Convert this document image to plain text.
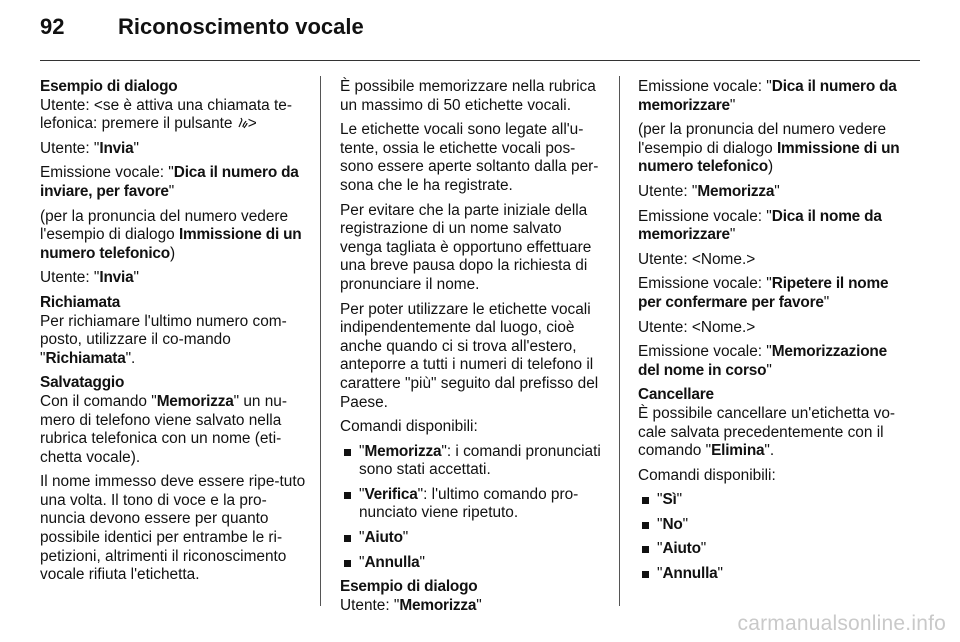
92	Riconoscimento vocale

Esempio di dialogo

Utente: <se è attiva una chiamata te-lefonica: premere il pulsante >

Utente: "Invia"

Emissione vocale: "Dica il numero da inviare, per favore"

(per la pronuncia del numero vedere l'esempio di dialogo Immissione di un numero telefonico)

Utente: "Invia"

Richiamata

Per richiamare l'ultimo numero com-posto, utilizzare il co-mando "Richiamata".

Salvataggio

Con il comando "Memorizza" un nu-mero di telefono viene salvato nella rubrica telefonica con un nome (eti-chetta vocale).

Il nome immesso deve essere ripe-tuto una volta. Il tono di voce e la pro-nuncia devono essere per quanto possibile identici per entrambe le ri-petizioni, altrimenti il riconoscimento vocale rifiuta l'etichetta.

È possibile memorizzare nella rubrica un massimo di 50 etichette vocali.

Le etichette vocali sono legate all'u-tente, ossia le etichette vocali pos-sono essere aperte soltanto dalla per-sona che le ha registrate.

Per evitare che la parte iniziale della registrazione di un nome salvato venga tagliata è opportuno effettuare una breve pausa dopo la richiesta di pronunciare il nome.

Per poter utilizzare le etichette vocali indipendentemente dal luogo, cioè anche quando ci si trova all'estero, anteporre a tutti i numeri di telefono il carattere "più" seguito dal prefisso del Paese.

Comandi disponibili:

"Memorizza": i comandi pronunciati sono stati accettati.
"Verifica": l'ultimo comando pro-nunciato viene ripetuto.
"Aiuto"
"Annulla"

Esempio di dialogo

Utente: "Memorizza"

Emissione vocale: "Dica il numero da memorizzare"

(per la pronuncia del numero vedere l'esempio di dialogo Immissione di un numero telefonico)

Utente: "Memorizza"

Emissione vocale: "Dica il nome da memorizzare"

Utente: <Nome.>

Emissione vocale: "Ripetere il nome per confermare per favore"

Utente: <Nome.>

Emissione vocale: "Memorizzazione del nome in corso"

Cancellare

È possibile cancellare un'etichetta vo-cale salvata precedentemente con il comando "Elimina".

Comandi disponibili:

"Sì"
"No"
"Aiuto"
"Annulla"
carmanualsonline.info
